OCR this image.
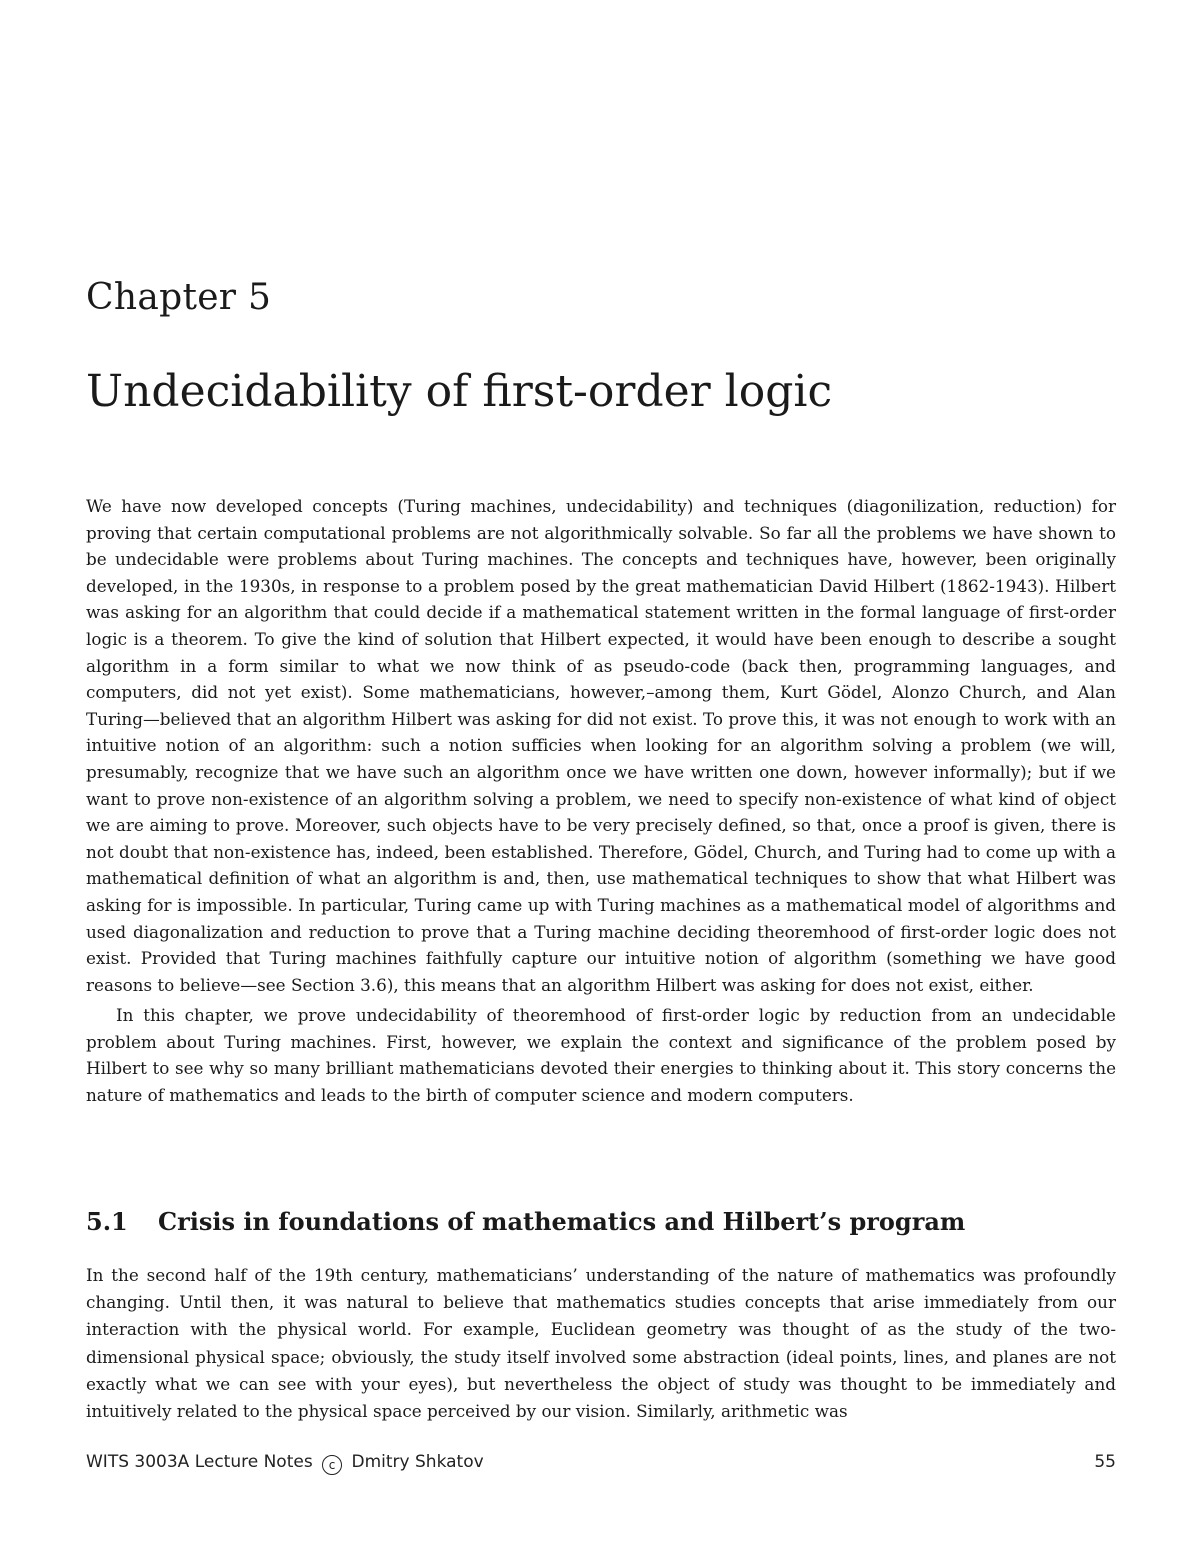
Chapter 5
Undecidability of first-order logic

We have now developed concepts (Turing machines, undecidability) and techniques (diagonilization, reduction) for proving that certain computational problems are not algorithmically solvable. So far all the problems we have shown to be undecidable were problems about Turing machines. The concepts and techniques have, however, been originally developed, in the 1930s, in response to a problem posed by the great mathematician David Hilbert (1862-1943). Hilbert was asking for an algorithm that could decide if a mathematical statement written in the formal language of first-order logic is a theorem. To give the kind of solution that Hilbert expected, it would have been enough to describe a sought algorithm in a form similar to what we now think of as pseudo-code (back then, programming languages, and computers, did not yet exist). Some mathematicians, however,–among them, Kurt Gödel, Alonzo Church, and Alan Turing—believed that an algorithm Hilbert was asking for did not exist. To prove this, it was not enough to work with an intuitive notion of an algorithm: such a notion sufficies when looking for an algorithm solving a problem (we will, presumably, recognize that we have such an algorithm once we have written one down, however informally); but if we want to prove non-existence of an algorithm solving a problem, we need to specify non-existence of what kind of object we are aiming to prove. Moreover, such objects have to be very precisely defined, so that, once a proof is given, there is not doubt that non-existence has, indeed, been established. Therefore, Gödel, Church, and Turing had to come up with a mathematical definition of what an algorithm is and, then, use mathematical techniques to show that what Hilbert was asking for is impossible. In particular, Turing came up with Turing machines as a mathematical model of algorithms and used diagonalization and reduction to prove that a Turing machine deciding theoremhood of first-order logic does not exist. Provided that Turing machines faithfully capture our intuitive notion of algorithm (something we have good reasons to believe—see Section 3.6), this means that an algorithm Hilbert was asking for does not exist, either.

In this chapter, we prove undecidability of theoremhood of first-order logic by reduction from an undecidable problem about Turing machines. First, however, we explain the context and significance of the problem posed by Hilbert to see why so many brilliant mathematicians devoted their energies to thinking about it. This story concerns the nature of mathematics and leads to the birth of computer science and modern computers.

5.1 Crisis in foundations of mathematics and Hilbert’s program

In the second half of the 19th century, mathematicians’ understanding of the nature of mathematics was profoundly changing. Until then, it was natural to believe that mathematics studies concepts that arise immediately from our interaction with the physical world. For example, Euclidean geometry was thought of as the study of the two-dimensional physical space; obviously, the study itself involved some abstraction (ideal points, lines, and planes are not exactly what we can see with your eyes), but nevertheless the object of study was thought to be immediately and intuitively related to the physical space perceived by our vision. Similarly, arithmetic was

WITS 3003A Lecture Notes c Dmitry Shkatov	55
